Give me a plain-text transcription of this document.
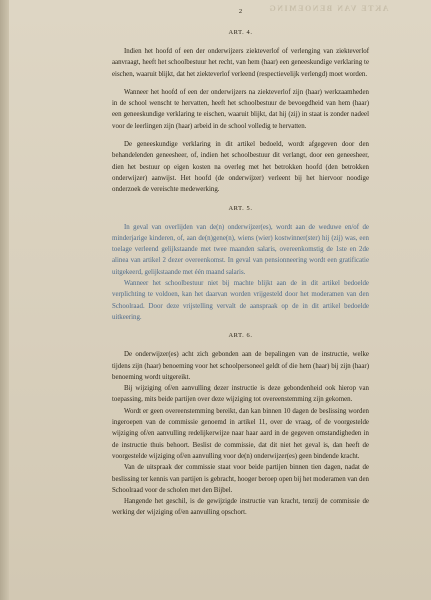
AKTE VAN BENOEMING
2
ART. 4.

Indien het hoofd of een der onderwijzers ziekteverlof of verlenging van ziekteverlof aanvraagt, heeft het schoolbestuur het recht, van hem (haar) een geneeskundige verklaring te eischen, waaruit blijkt, dat het ziekteverlof verleend (respectievelijk verlengd) moet worden.

Wanneer het hoofd of een der onderwijzers na ziekteverlof zijn (haar) werkzaamheden in de school wenscht te hervatten, heeft het schoolbestuur de bevoegdheid van hem (haar) een geneeskundige verklaring te eischen, waaruit blijkt, dat hij (zij) in staat is zonder nadeel voor de leerlingen zijn (haar) arbeid in de school volledig te hervatten.

De geneeskundige verklaring in dit artikel bedoeld, wordt afgegeven door den behandelenden geneesheer, of, indien het schoolbestuur dit verlangt, door een geneesheer, dien het bestuur op eigen kosten na overleg met het betrokken hoofd (den betrokken onderwijzer) aanwijst. Het hoofd (de onderwijzer) verleent bij het hiervoor noodige onderzoek de vereischte medewerking.

ART. 5.

In geval van overlijden van de(n) onderwijzer(es), wordt aan de weduwe en/of de minderjarige kinderen, of, aan de(n)gene(n), wiens (wier) kostwinner(ster) hij (zij) was, een toelage verleend gelijkstaande met twee maanden salaris, overeenkomstig de 1ste en 2de alinea van artikel 2 dezer overeenkomst. In geval van pensionneering wordt een gratificatie uitgekeerd, gelijkstaande met één maand salaris.

Wanneer het schoolbestuur niet bij machte blijkt aan de in dit artikel bedoelde verplichting te voldoen, kan het daarvan worden vrijgesteld door het moderamen van den Schoolraad. Door deze vrijstelling vervalt de aanspraak op de in dit artikel bedoelde uitkeering.

ART. 6.

De onderwijzer(es) acht zich gebonden aan de bepalingen van de instructie, welke tijdens zijn (haar) benoeming voor het schoolpersoneel geldt of die hem (haar) bij zijn (haar) benoeming wordt uitgereikt.

Bij wijziging of/en aanvulling dezer instructie is deze gebondenheid ook hierop van toepassing, mits beide partijen over deze wijziging tot overeenstemming zijn gekomen.

Wordt er geen overeenstemming bereikt, dan kan binnen 10 dagen de beslissing worden ingeroepen van de commissie genoemd in artikel 11, over de vraag, of de voorgestelde wijziging of/en aanvulling redelijkerwijze naar haar aard in de gegeven omstandigheden in de instructie thuis behoort. Beslist de commissie, dat dit niet het geval is, dan heeft de voorgestelde wijziging of/en aanvulling voor de(n) onderwijzer(es) geen bindende kracht.

Van de uitspraak der commissie staat voor beide partijen binnen tien dagen, nadat de beslissing ter kennis van partijen is gebracht, hooger beroep open bij het moderamen van den Schoolraad voor de scholen met den Bijbel.

Hangende het geschil, is de gewijzigde instructie van kracht, tenzij de commissie de werking der wijziging of/en aanvulling opschort.
